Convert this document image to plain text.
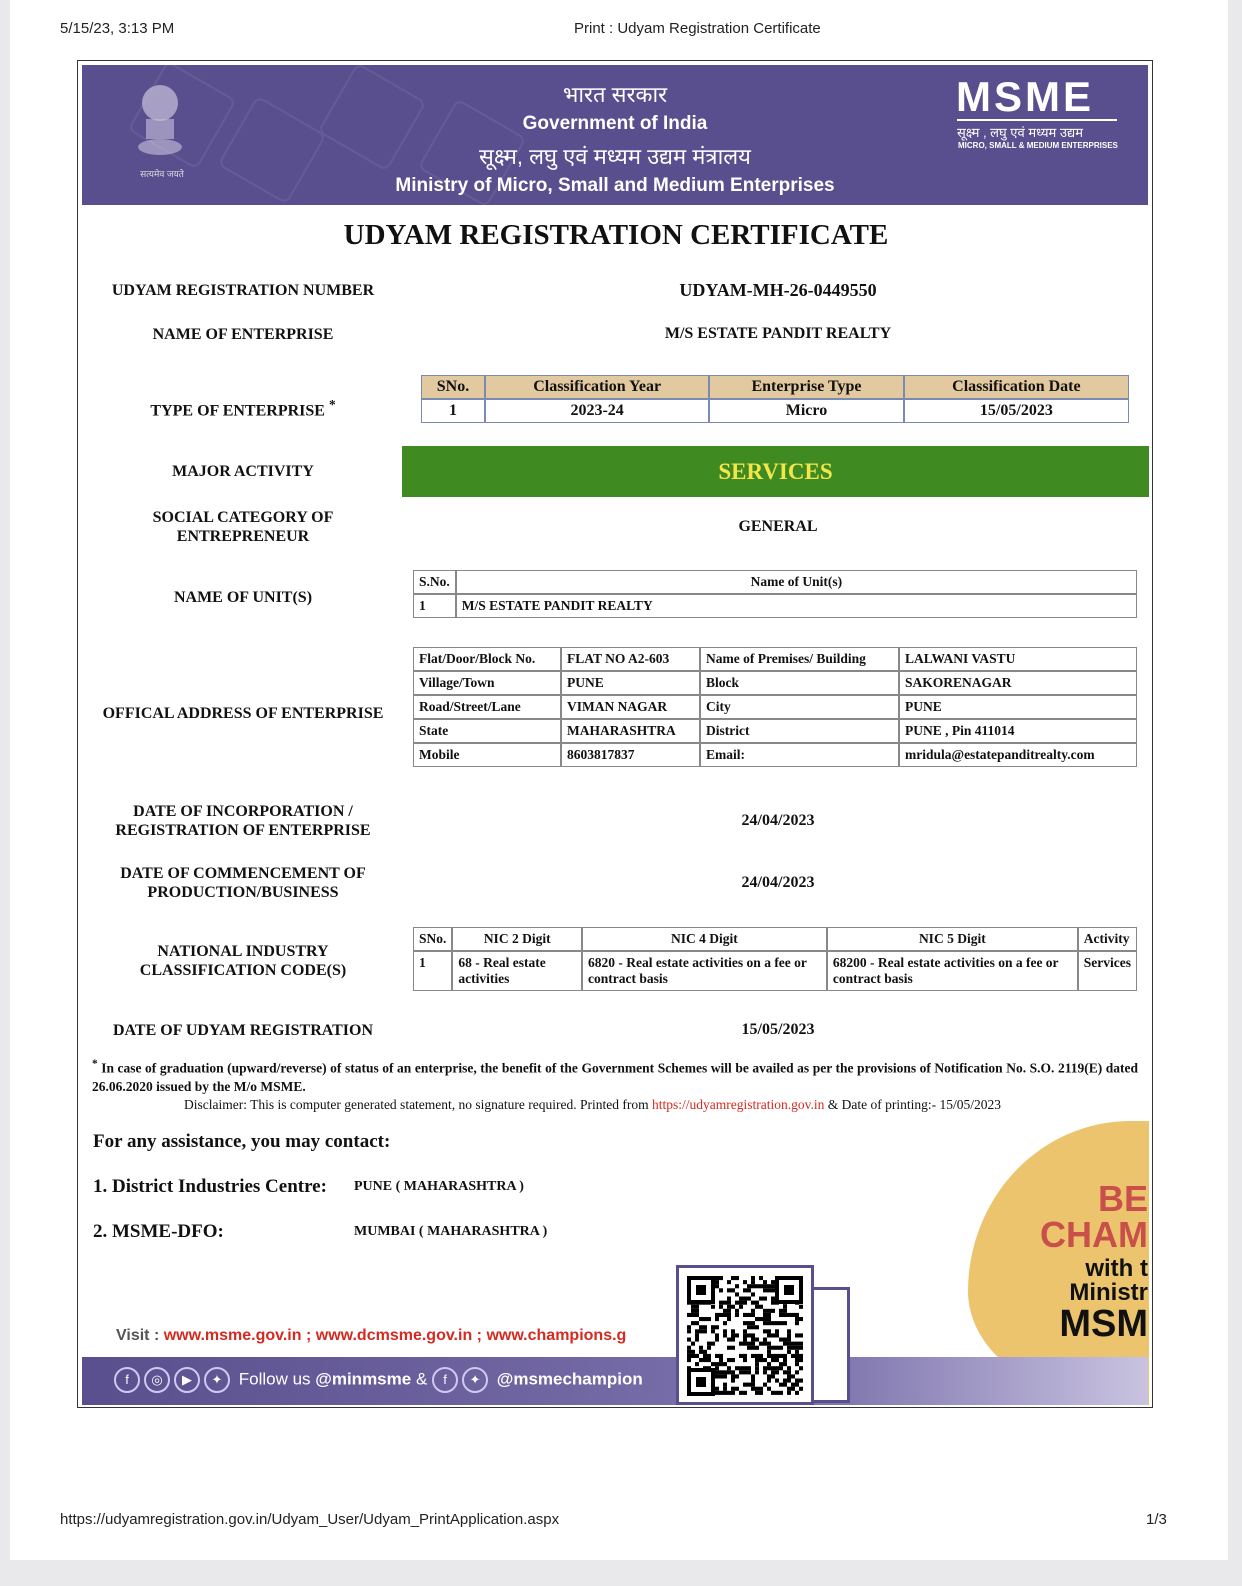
5/15/23, 3:13 PM	Print : Udyam Registration Certificate
सत्यमेव जयते
भारत सरकार
Government of India
सूक्ष्म, लघु एवं मध्यम उद्यम मंत्रालय
Ministry of Micro, Small and Medium Enterprises
MSME
सूक्ष्म , लघु एवं मध्यम उद्यम
MICRO, SMALL & MEDIUM ENTERPRISES
UDYAM REGISTRATION CERTIFICATE
UDYAM REGISTRATION NUMBER	UDYAM-MH-26-0449550
NAME OF ENTERPRISE	M/S ESTATE PANDIT REALTY
TYPE OF ENTERPRISE *
SNo.	Classification Year	Enterprise Type	Classification Date
1	2023-24	Micro	15/05/2023
MAJOR ACTIVITY	SERVICES
SOCIAL CATEGORY OF
ENTREPRENEUR
GENERAL
NAME OF UNIT(S)
S.No.	Name of Unit(s)
1	M/S ESTATE PANDIT REALTY
OFFICAL ADDRESS OF ENTERPRISE
Flat/Door/Block No.	FLAT NO A2-603	Name of Premises/ Building	LALWANI VASTU
Village/Town	PUNE	Block	SAKORENAGAR
Road/Street/Lane	VIMAN NAGAR	City	PUNE
State	MAHARASHTRA	District	PUNE , Pin 411014
Mobile	8603817837	Email:	mridula@estatepanditrealty.com
DATE OF INCORPORATION /
REGISTRATION OF ENTERPRISE
24/04/2023
DATE OF COMMENCEMENT OF
PRODUCTION/BUSINESS
24/04/2023
NATIONAL INDUSTRY
CLASSIFICATION CODE(S)
SNo.	NIC 2 Digit	NIC 4 Digit	NIC 5 Digit	Activity
1	68 - Real estate activities	6820 - Real estate activities on a fee or contract basis	68200 - Real estate activities on a fee or contract basis	Services
DATE OF UDYAM REGISTRATION	15/05/2023
* In case of graduation (upward/reverse) of status of an enterprise, the benefit of the Government Schemes will be availed as per the provisions of Notification No. S.O. 2119(E) dated 26.06.2020 issued by the M/o MSME.
Disclaimer: This is computer generated statement, no signature required. Printed from https://udyamregistration.gov.in & Date of printing:- 15/05/2023
For any assistance, you may contact:
1. District Industries Centre: PUNE ( MAHARASHTRA )
2. MSME-DFO:	MUMBAI ( MAHARASHTRA )
BE
CHAM
with t
Ministr
MSM
Visit : www.msme.gov.in ; www.dcmsme.gov.in ; www.champions.g
f ◎ ▶ ✦ Follow us @minmsme & f ✦ @msmechampion
https://udyamregistration.gov.in/Udyam_User/Udyam_PrintApplication.aspx	1/3
